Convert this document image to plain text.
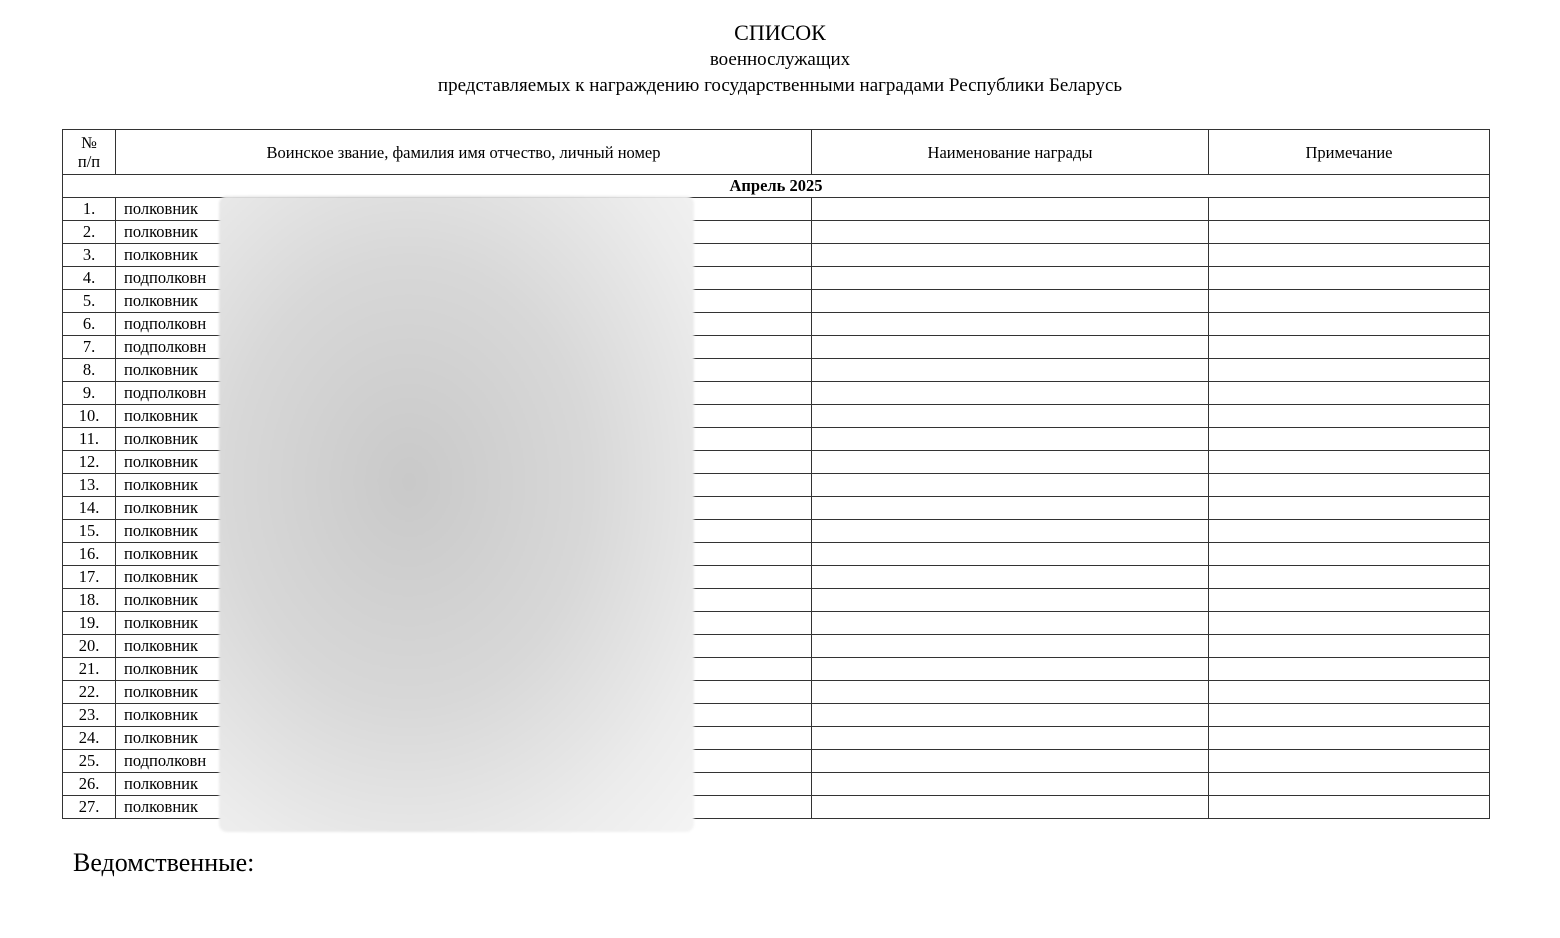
СПИСОК
военнослужащих
представляемых к награждению государственными наградами Республики Беларусь
№
п/п	Воинское звание, фамилия имя отчество, личный номер	Наименование награды	Примечание
Апрель 2025			
1.	полковник		
2.	полковник		
3.	полковник		
4.	подполковн		
5.	полковник		
6.	подполковн		
7.	подполковн		
8.	полковник		
9.	подполковн		
10.	полковник		
11.	полковник		
12.	полковник		
13.	полковник		
14.	полковник		
15.	полковник		
16.	полковник		
17.	полковник		
18.	полковник		
19.	полковник		
20.	полковник		
21.	полковник		
22.	полковник		
23.	полковник		
24.	полковник		
25.	подполковн		
26.	полковник		
27.	полковник		
Ведомственные:
